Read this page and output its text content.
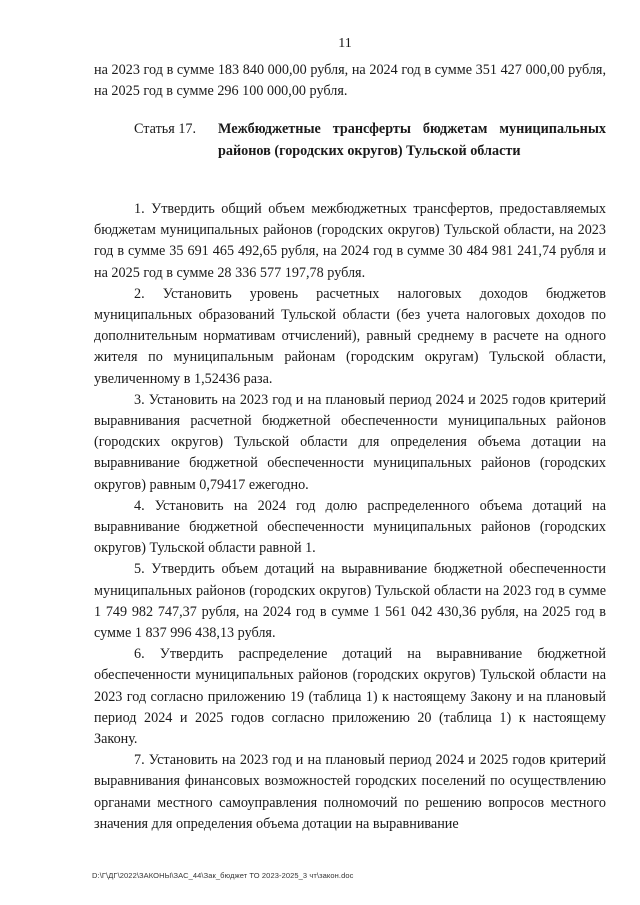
11
на 2023 год в сумме 183 840 000,00 рубля, на 2024 год в сумме 351 427 000,00 рубля, на 2025 год в сумме 296 100 000,00 рубля.
Статья 17.	Межбюджетные трансферты бюджетам муниципальных районов (городских округов) Тульской области

1. Утвердить общий объем межбюджетных трансфертов, предоставляемых бюджетам муниципальных районов (городских округов) Тульской области, на 2023 год в сумме 35 691 465 492,65 рубля, на 2024 год в сумме 30 484 981 241,74 рубля и на 2025 год в сумме 28 336 577 197,78 рубля.

2. Установить уровень расчетных налоговых доходов бюджетов муниципальных образований Тульской области (без учета налоговых доходов по дополнительным нормативам отчислений), равный среднему в расчете на одного жителя по муниципальным районам (городским округам) Тульской области, увеличенному в 1,52436 раза.

3. Установить на 2023 год и на плановый период 2024 и 2025 годов критерий выравнивания расчетной бюджетной обеспеченности муниципальных районов (городских округов) Тульской области для определения объема дотации на выравнивание бюджетной обеспеченности муниципальных районов (городских округов) равным 0,79417 ежегодно.

4. Установить на 2024 год долю распределенного объема дотаций на выравнивание бюджетной обеспеченности муниципальных районов (городских округов) Тульской области равной 1.

5. Утвердить объем дотаций на выравнивание бюджетной обеспеченности муниципальных районов (городских округов) Тульской области на 2023 год в сумме 1 749 982 747,37 рубля, на 2024 год в сумме 1 561 042 430,36 рубля, на 2025 год в сумме 1 837 996 438,13 рубля.

6. Утвердить распределение дотаций на выравнивание бюджетной обеспеченности муниципальных районов (городских округов) Тульской области на 2023 год согласно приложению 19 (таблица 1) к настоящему Закону и на плановый период 2024 и 2025 годов согласно приложению 20 (таблица 1) к настоящему Закону.

7. Установить на 2023 год и на плановый период 2024 и 2025 годов критерий выравнивания финансовых возможностей городских поселений по осуществлению органами местного самоуправления полномочий по решению вопросов местного значения для определения объема дотации на выравнивание

D:\Г\ДГ\2022\ЗАКОНЫ\ЗАС_44\Зак_бюджет ТО 2023-2025_3 чт\закон.doc
